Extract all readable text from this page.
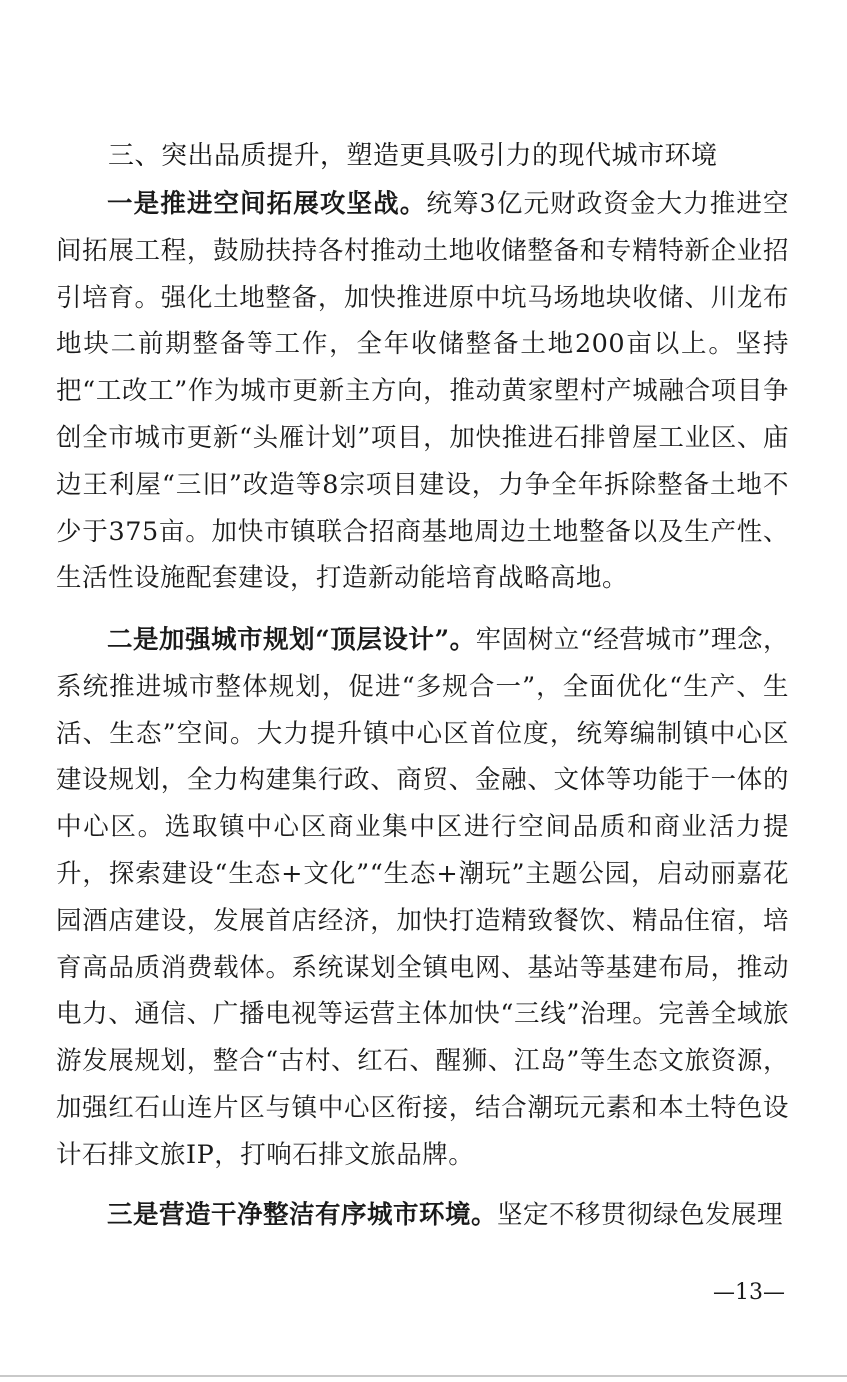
三、突出品质提升，塑造更具吸引力的现代城市环境

一是推进空间拓展攻坚战。统筹3亿元财政资金大力推进空间拓展工程，鼓励扶持各村推动土地收储整备和专精特新企业招引培育。强化土地整备，加快推进原中坑马场地块收储、川龙布地块二前期整备等工作，全年收储整备土地200亩以上。坚持把“工改工”作为城市更新主方向，推动黄家塱村产城融合项目争创全市城市更新“头雁计划”项目，加快推进石排曾屋工业区、庙边王利屋“三旧”改造等8宗项目建设，力争全年拆除整备土地不少于375亩。加快市镇联合招商基地周边土地整备以及生产性、生活性设施配套建设，打造新动能培育战略高地。

二是加强城市规划“顶层设计”。牢固树立“经营城市”理念，系统推进城市整体规划，促进“多规合一”，全面优化“生产、生活、生态”空间。大力提升镇中心区首位度，统筹编制镇中心区建设规划，全力构建集行政、商贸、金融、文体等功能于一体的中心区。选取镇中心区商业集中区进行空间品质和商业活力提升，探索建设“生态+文化”“生态+潮玩”主题公园，启动丽嘉花园酒店建设，发展首店经济，加快打造精致餐饮、精品住宿，培育高品质消费载体。系统谋划全镇电网、基站等基建布局，推动电力、通信、广播电视等运营主体加快“三线”治理。完善全域旅游发展规划，整合“古村、红石、醒狮、江岛”等生态文旅资源，加强红石山连片区与镇中心区衔接，结合潮玩元素和本土特色设计石排文旅IP，打响石排文旅品牌。

三是营造干净整洁有序城市环境。坚定不移贯彻绿色发展理

—13—
